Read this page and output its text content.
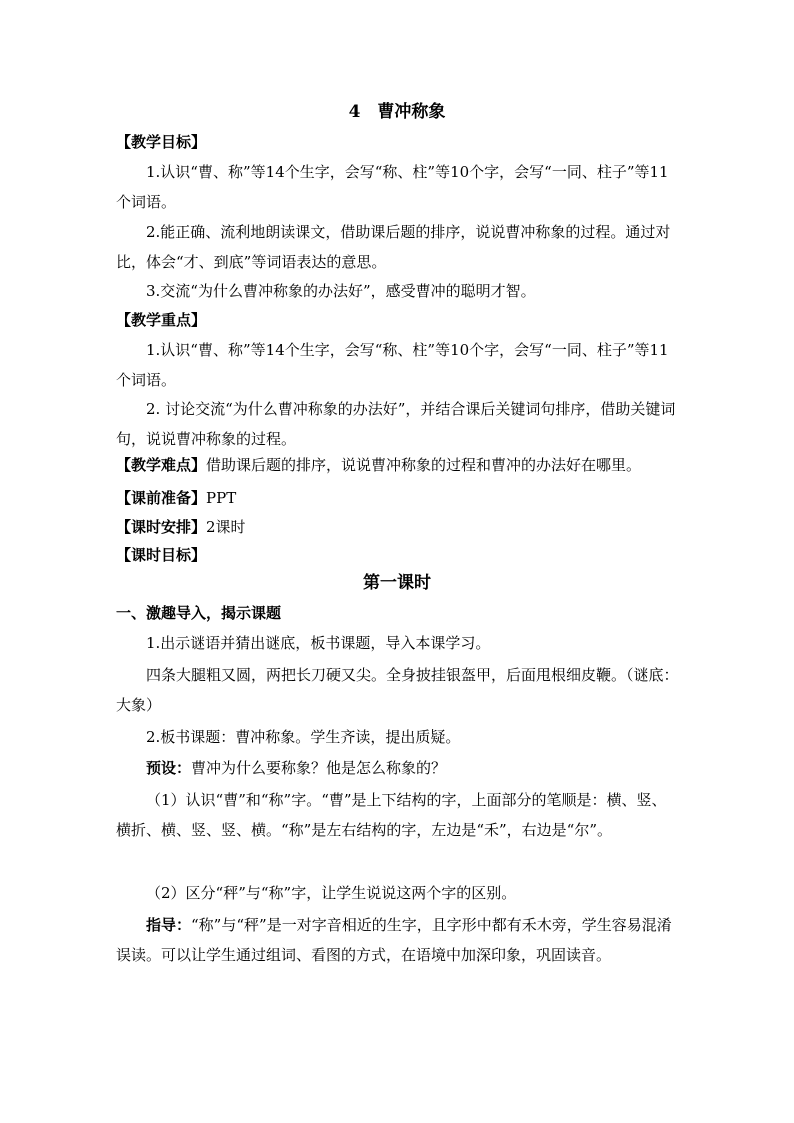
4　曹冲称象
【教学目标】
1.认识“曹、称”等14个生字，会写“称、柱”等10个字，会写“一同、柱子”等11个词语。
2.能正确、流利地朗读课文，借助课后题的排序，说说曹冲称象的过程。通过对比，体会“才、到底”等词语表达的意思。
3.交流“为什么曹冲称象的办法好”，感受曹冲的聪明才智。
【教学重点】
1.认识“曹、称”等14个生字，会写“称、柱”等10个字，会写“一同、柱子”等11个词语。
2. 讨论交流“为什么曹冲称象的办法好”，并结合课后关键词句排序，借助关键词句，说说曹冲称象的过程。
【教学难点】借助课后题的排序，说说曹冲称象的过程和曹冲的办法好在哪里。
【课前准备】PPT
【课时安排】2课时
【课时目标】
第一课时
一、激趣导入，揭示课题
1.出示谜语并猜出谜底，板书课题，导入本课学习。
四条大腿粗又圆，两把长刀硬又尖。全身披挂银盔甲，后面甩根细皮鞭。（谜底：大象）
2.板书课题：曹冲称象。学生齐读，提出质疑。
预设：曹冲为什么要称象？他是怎么称象的？
（1）认识“曹”和“称”字。“曹”是上下结构的字，上面部分的笔顺是：横、竖、横折、横、竖、竖、横。“称”是左右结构的字，左边是“禾”，右边是“尔”。
（2）区分“秤”与“称”字，让学生说说这两个字的区别。
指导：“称”与“秤”是一对字音相近的生字，且字形中都有禾木旁，学生容易混淆误读。可以让学生通过组词、看图的方式，在语境中加深印象，巩固读音。
